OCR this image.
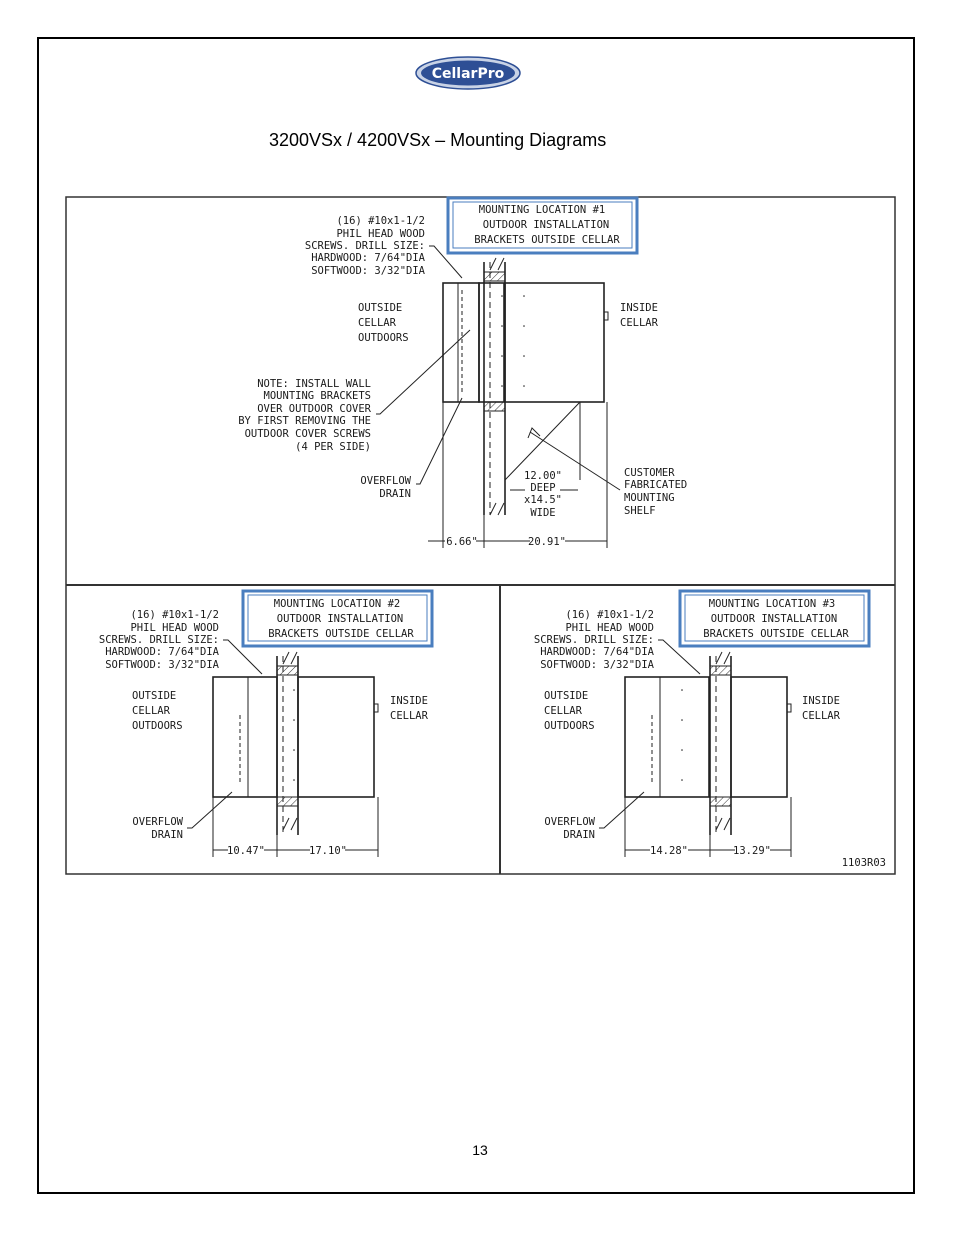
CellarPro
3200VSx / 4200VSx – Mounting Diagrams
MOUNTING LOCATION #1
OUTDOOR INSTALLATION
BRACKETS OUTSIDE CELLAR
(16) #10x1-1/2
PHIL HEAD WOOD
SCREWS. DRILL SIZE:
HARDWOOD: 7/64"DIA
SOFTWOOD: 3/32"DIA
OUTSIDE
CELLAR
OUTDOORS
INSIDE
CELLAR
NOTE: INSTALL WALL
MOUNTING BRACKETS
OVER OUTDOOR COVER
BY FIRST REMOVING THE
OUTDOOR COVER SCREWS
(4 PER SIDE)
OVERFLOW
DRAIN
12.00"
DEEP
x14.5"
WIDE
CUSTOMER
FABRICATED
MOUNTING
SHELF
6.66"	20.91"
MOUNTING LOCATION #2
OUTDOOR INSTALLATION
BRACKETS OUTSIDE CELLAR
(16) #10x1-1/2
PHIL HEAD WOOD
SCREWS. DRILL SIZE:
HARDWOOD: 7/64"DIA
SOFTWOOD: 3/32"DIA
OUTSIDE
CELLAR
OUTDOORS
INSIDE
CELLAR
OVERFLOW
DRAIN
10.47"	17.10"
MOUNTING LOCATION #3
OUTDOOR INSTALLATION
BRACKETS OUTSIDE CELLAR
(16) #10x1-1/2
PHIL HEAD WOOD
SCREWS. DRILL SIZE:
HARDWOOD: 7/64"DIA
SOFTWOOD: 3/32"DIA
OUTSIDE
CELLAR
OUTDOORS
INSIDE
CELLAR
OVERFLOW
DRAIN
14.28"	13.29"
1103R03
13
